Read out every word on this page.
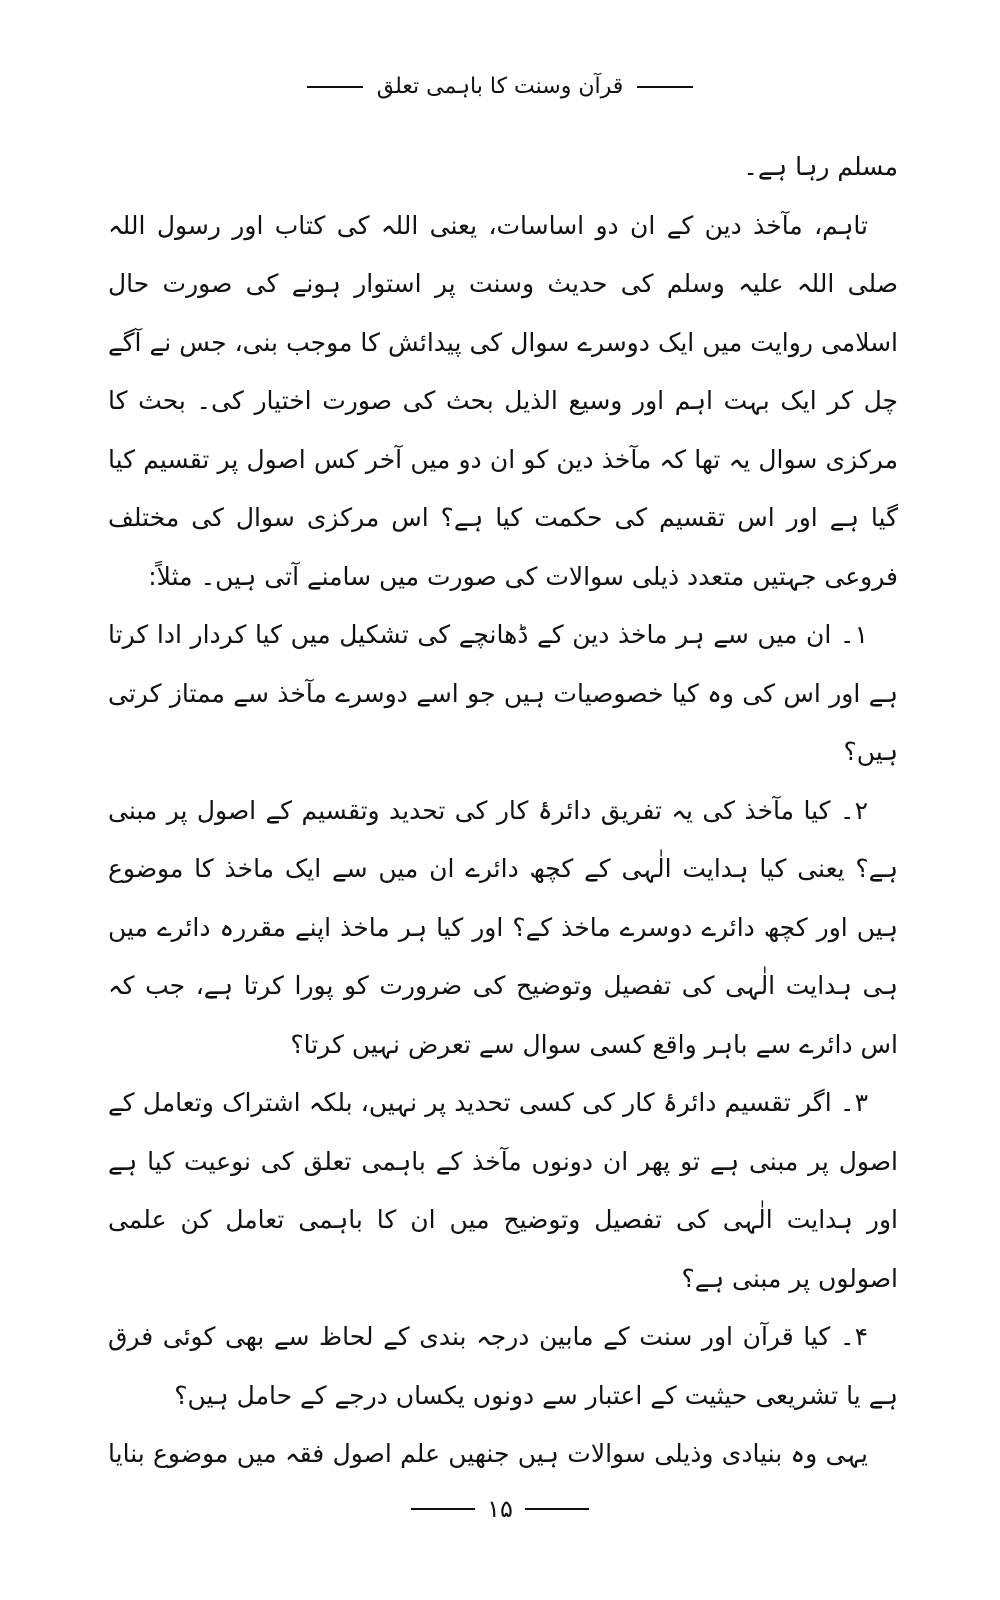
قرآن وسنت کا باہمی تعلق

مسلم رہا ہے۔

تاہم، مآخذ دین کے ان دو اساسات، یعنی اللہ کی کتاب اور رسول اللہ صلی اللہ علیہ وسلم کی حدیث وسنت پر استوار ہونے کی صورت حال اسلامی روایت میں ایک دوسرے سوال کی پیدائش کا موجب بنی، جس نے آگے چل کر ایک بہت اہم اور وسیع الذیل بحث کی صورت اختیار کی۔ بحث کا مرکزی سوال یہ تھا کہ مآخذ دین کو ان دو میں آخر کس اصول پر تقسیم کیا گیا ہے اور اس تقسیم کی حکمت کیا ہے؟ اس مرکزی سوال کی مختلف فروعی جہتیں متعدد ذیلی سوالات کی صورت میں سامنے آتی ہیں۔ مثلاً:

۱۔ ان میں سے ہر ماخذ دین کے ڈھانچے کی تشکیل میں کیا کردار ادا کرتا ہے اور اس کی وہ کیا خصوصیات ہیں جو اسے دوسرے مآخذ سے ممتاز کرتی ہیں؟

۲۔ کیا مآخذ کی یہ تفریق دائرۂ کار کی تحدید وتقسیم کے اصول پر مبنی ہے؟ یعنی کیا ہدایت الٰہی کے کچھ دائرے ان میں سے ایک ماخذ کا موضوع ہیں اور کچھ دائرے دوسرے ماخذ کے؟ اور کیا ہر ماخذ اپنے مقررہ دائرے میں ہی ہدایت الٰہی کی تفصیل وتوضیح کی ضرورت کو پورا کرتا ہے، جب کہ اس دائرے سے باہر واقع کسی سوال سے تعرض نہیں کرتا؟

۳۔ اگر تقسیم دائرۂ کار کی کسی تحدید پر نہیں، بلکہ اشتراک وتعامل کے اصول پر مبنی ہے تو پھر ان دونوں مآخذ کے باہمی تعلق کی نوعیت کیا ہے اور ہدایت الٰہی کی تفصیل وتوضیح میں ان کا باہمی تعامل کن علمی اصولوں پر مبنی ہے؟

۴۔ کیا قرآن اور سنت کے مابین درجہ بندی کے لحاظ سے بھی کوئی فرق ہے یا تشریعی حیثیت کے اعتبار سے دونوں یکساں درجے کے حامل ہیں؟

یہی وہ بنیادی وذیلی سوالات ہیں جنھیں علم اصول فقہ میں موضوع بنایا

۱۵
